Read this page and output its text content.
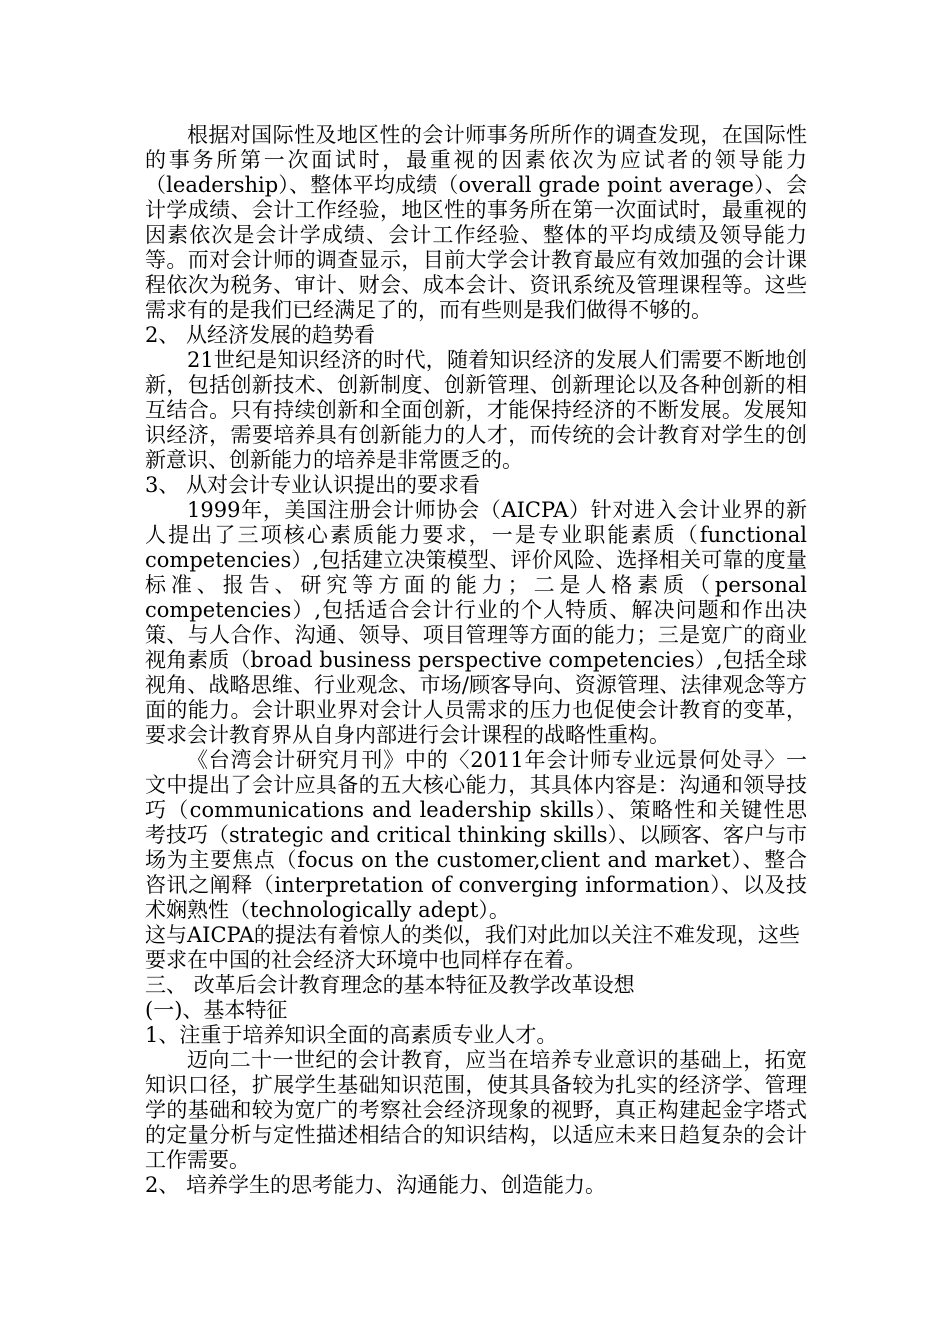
根据对国际性及地区性的会计师事务所所作的调查发现，在国际性的事务所第一次面试时，最重视的因素依次为应试者的领导能力（leadership）、整体平均成绩（overall grade point average）、会计学成绩、会计工作经验，地区性的事务所在第一次面试时，最重视的因素依次是会计学成绩、会计工作经验、整体的平均成绩及领导能力等。而对会计师的调查显示，目前大学会计教育最应有效加强的会计课程依次为税务、审计、财会、成本会计、资讯系统及管理课程等。这些需求有的是我们已经满足了的，而有些则是我们做得不够的。

2、 从经济发展的趋势看

21世纪是知识经济的时代，随着知识经济的发展人们需要不断地创新，包括创新技术、创新制度、创新管理、创新理论以及各种创新的相互结合。只有持续创新和全面创新，才能保持经济的不断发展。发展知识经济，需要培养具有创新能力的人才，而传统的会计教育对学生的创新意识、创新能力的培养是非常匮乏的。

3、 从对会计专业认识提出的要求看

1999年，美国注册会计师协会（AICPA）针对进入会计业界的新人提出了三项核心素质能力要求，一是专业职能素质（functional competencies）,包括建立决策模型、评价风险、选择相关可靠的度量标准、报告、研究等方面的能力；二是人格素质（personal competencies）,包括适合会计行业的个人特质、解决问题和作出决策、与人合作、沟通、领导、项目管理等方面的能力；三是宽广的商业视角素质（broad business perspective competencies）,包括全球视角、战略思维、行业观念、市场/顾客导向、资源管理、法律观念等方面的能力。会计职业界对会计人员需求的压力也促使会计教育的变革，要求会计教育界从自身内部进行会计课程的战略性重构。

《台湾会计研究月刊》中的〈2011年会计师专业远景何处寻〉一文中提出了会计应具备的五大核心能力，其具体内容是：沟通和领导技巧（communications and leadership skills）、策略性和关键性思考技巧（strategic and critical thinking skills）、以顾客、客户与市场为主要焦点（focus on the customer,client and market）、整合咨讯之阐释（interpretation of converging information）、以及技术娴熟性（technologically adept）。

这与AICPA的提法有着惊人的类似，我们对此加以关注不难发现，这些要求在中国的社会经济大环境中也同样存在着。

三、 改革后会计教育理念的基本特征及教学改革设想

(一)、基本特征

1、注重于培养知识全面的高素质专业人才。

迈向二十一世纪的会计教育，应当在培养专业意识的基础上，拓宽知识口径，扩展学生基础知识范围，使其具备较为扎实的经济学、管理学的基础和较为宽广的考察社会经济现象的视野，真正构建起金字塔式的定量分析与定性描述相结合的知识结构，以适应未来日趋复杂的会计工作需要。

2、 培养学生的思考能力、沟通能力、创造能力。
